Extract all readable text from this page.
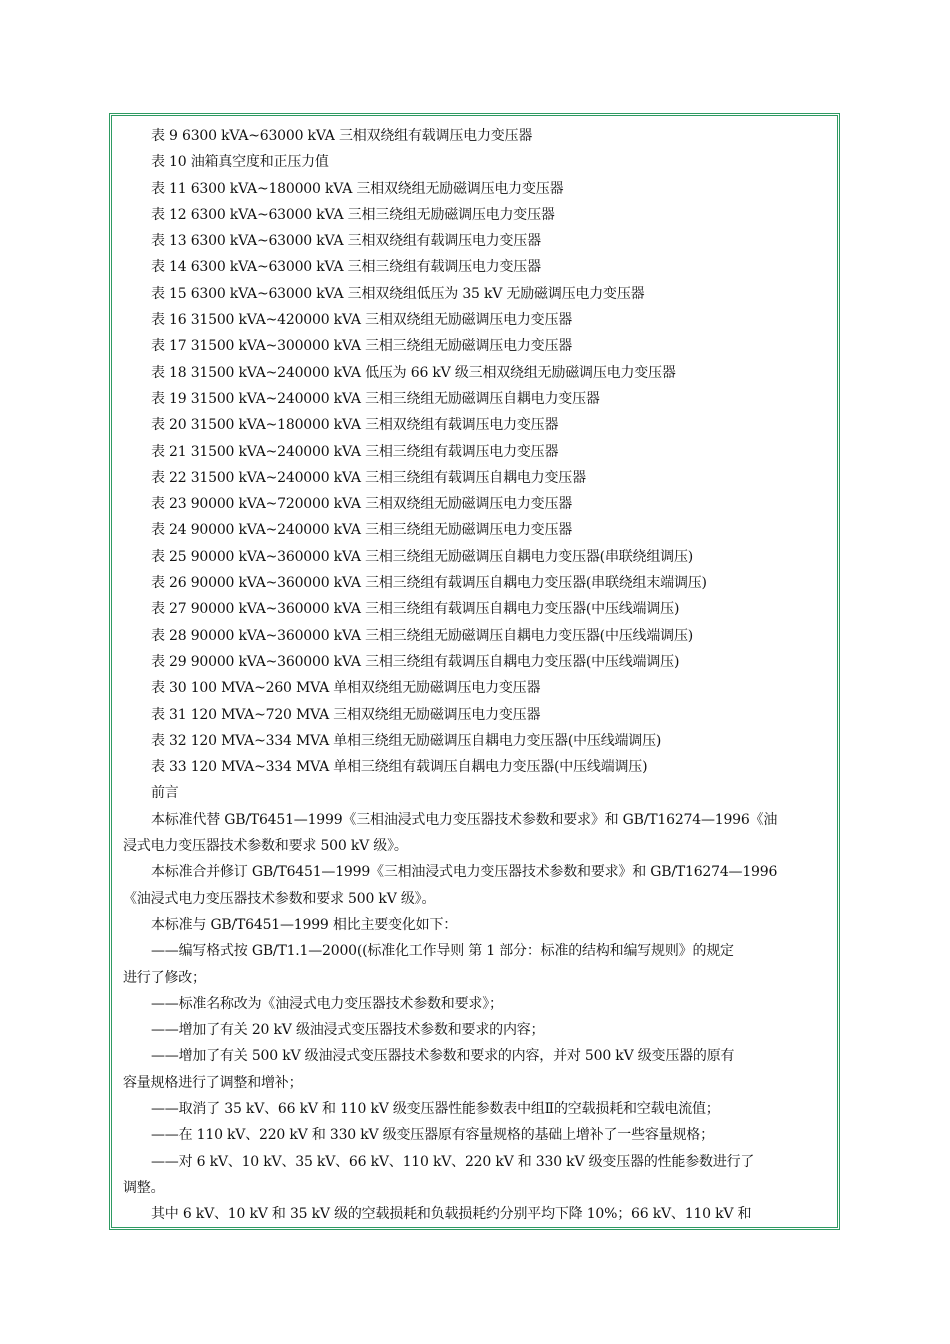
表 9 6300 kVA~63000 kVA 三相双绕组有载调压电力变压器
表 10 油箱真空度和正压力值
表 11 6300 kVA~180000 kVA 三相双绕组无励磁调压电力变压器
表 12 6300 kVA~63000 kVA 三相三绕组无励磁调压电力变压器
表 13 6300 kVA~63000 kVA 三相双绕组有载调压电力变压器
表 14 6300 kVA~63000 kVA 三相三绕组有载调压电力变压器
表 15 6300 kVA~63000 kVA 三相双绕组低压为 35 kV 无励磁调压电力变压器
表 16 31500 kVA~420000 kVA 三相双绕组无励磁调压电力变压器
表 17 31500 kVA~300000 kVA 三相三绕组无励磁调压电力变压器
表 18 31500 kVA~240000 kVA 低压为 66 kV 级三相双绕组无励磁调压电力变压器
表 19 31500 kVA~240000 kVA 三相三绕组无励磁调压自耦电力变压器
表 20 31500 kVA~180000 kVA 三相双绕组有载调压电力变压器
表 21 31500 kVA~240000 kVA 三相三绕组有载调压电力变压器
表 22 31500 kVA~240000 kVA 三相三绕组有载调压自耦电力变压器
表 23 90000 kVA~720000 kVA 三相双绕组无励磁调压电力变压器
表 24 90000 kVA~240000 kVA 三相三绕组无励磁调压电力变压器
表 25 90000 kVA~360000 kVA 三相三绕组无励磁调压自耦电力变压器(串联绕组调压)
表 26 90000 kVA~360000 kVA 三相三绕组有载调压自耦电力变压器(串联绕组末端调压)
表 27 90000 kVA~360000 kVA 三相三绕组有载调压自耦电力变压器(中压线端调压)
表 28 90000 kVA~360000 kVA 三相三绕组无励磁调压自耦电力变压器(中压线端调压)
表 29 90000 kVA~360000 kVA 三相三绕组有载调压自耦电力变压器(中压线端调压)
表 30 100 MVA~260 MVA 单相双绕组无励磁调压电力变压器
表 31 120 MVA~720 MVA 三相双绕组无励磁调压电力变压器
表 32 120 MVA~334 MVA 单相三绕组无励磁调压自耦电力变压器(中压线端调压)
表 33 120 MVA~334 MVA 单相三绕组有载调压自耦电力变压器(中压线端调压)
前言
本标准代替 GB/T6451—1999《三相油浸式电力变压器技术参数和要求》和 GB/T16274—1996《油
浸式电力变压器技术参数和要求 500 kV 级》。
本标准合并修订 GB/T6451—1999《三相油浸式电力变压器技术参数和要求》和 GB/T16274—1996
《油浸式电力变压器技术参数和要求 500 kV 级》。
本标准与 GB/T6451—1999 相比主要变化如下：
——编写格式按 GB/T1.1—2000((标准化工作导则 第 1 部分：标准的结构和编写规则》的规定
进行了修改；
——标准名称改为《油浸式电力变压器技术参数和要求》；
——增加了有关 20 kV 级油浸式变压器技术参数和要求的内容；
——增加了有关 500 kV 级油浸式变压器技术参数和要求的内容，并对 500 kV 级变压器的原有
容量规格进行了调整和增补；
——取消了 35 kV、66 kV 和 110 kV 级变压器性能参数表中组Ⅱ的空载损耗和空载电流值；
——在 110 kV、220 kV 和 330 kV 级变压器原有容量规格的基础上增补了一些容量规格；
——对 6 kV、10 kV、35 kV、66 kV、110 kV、220 kV 和 330 kV 级变压器的性能参数进行了
调整。
其中 6 kV、10 kV 和 35 kV 级的空载损耗和负载损耗约分别平均下降 10%；66 kV、110 kV 和
